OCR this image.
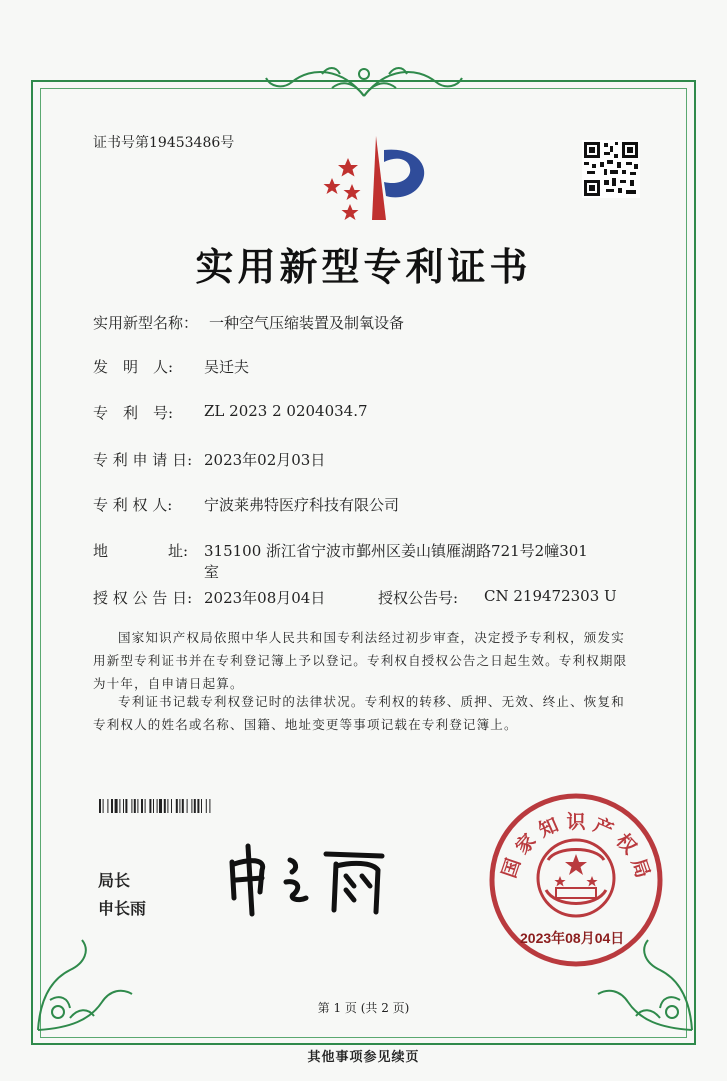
证书号第19453486号
实用新型专利证书
实用新型名称： 一种空气压缩装置及制氧设备
发　明　人: 吴迁夫
专　利　号: ZL 2023 2 0204034.7
专 利 申 请 日: 2023年02月03日
专 利 权 人: 宁波莱弗特医疗科技有限公司
地　　　　址: 315100 浙江省宁波市鄞州区姜山镇雁湖路721号2幢301
室
授 权 公 告 日: 2023年08月04日	授权公告号: CN 219472303 U
国家知识产权局依照中华人民共和国专利法经过初步审查，决定授予专利权，颁发实用新型专利证书并在专利登记簿上予以登记。专利权自授权公告之日起生效。专利权期限为十年，自申请日起算。
专利证书记载专利权登记时的法律状况。专利权的转移、质押、无效、终止、恢复和专利权人的姓名或名称、国籍、地址变更等事项记载在专利登记簿上。
局长
申长雨
国 家 知 识 产 权 局
2023年08月04日
第 1 页 (共 2 页)
其他事项参见续页
